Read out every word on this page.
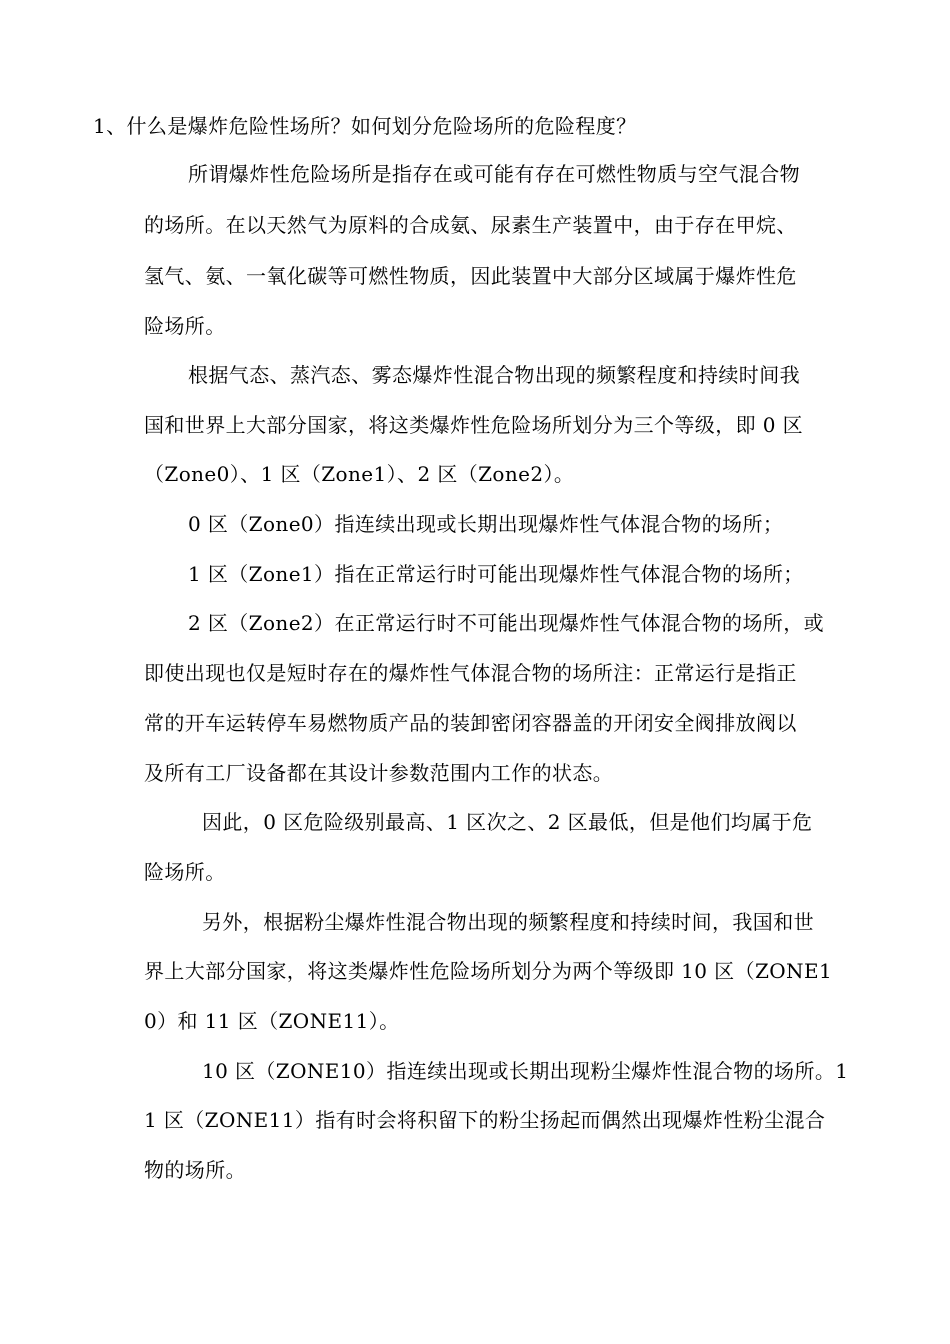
1、什么是爆炸危险性场所？如何划分危险场所的危险程度？
所谓爆炸性危险场所是指存在或可能有存在可燃性物质与空气混合物
的场所。在以天然气为原料的合成氨、尿素生产装置中，由于存在甲烷、
氢气、氨、一氧化碳等可燃性物质，因此装置中大部分区域属于爆炸性危
险场所。
根据气态、蒸汽态、雾态爆炸性混合物出现的频繁程度和持续时间我
国和世界上大部分国家，将这类爆炸性危险场所划分为三个等级，即 0 区
（Zone0）、1 区（Zone1）、2 区（Zone2）。
0 区（Zone0）指连续出现或长期出现爆炸性气体混合物的场所；
1 区（Zone1）指在正常运行时可能出现爆炸性气体混合物的场所；
2 区（Zone2）在正常运行时不可能出现爆炸性气体混合物的场所，或
即使出现也仅是短时存在的爆炸性气体混合物的场所注：正常运行是指正
常的开车运转停车易燃物质产品的装卸密闭容器盖的开闭安全阀排放阀以
及所有工厂设备都在其设计参数范围内工作的状态。
因此，0 区危险级别最高、1 区次之、2 区最低，但是他们均属于危
险场所。
另外，根据粉尘爆炸性混合物出现的频繁程度和持续时间，我国和世
界上大部分国家，将这类爆炸性危险场所划分为两个等级即 10 区（ZONE1
0）和 11 区（ZONE11）。
10 区（ZONE10）指连续出现或长期出现粉尘爆炸性混合物的场所。1
1 区（ZONE11）指有时会将积留下的粉尘扬起而偶然出现爆炸性粉尘混合
物的场所。
